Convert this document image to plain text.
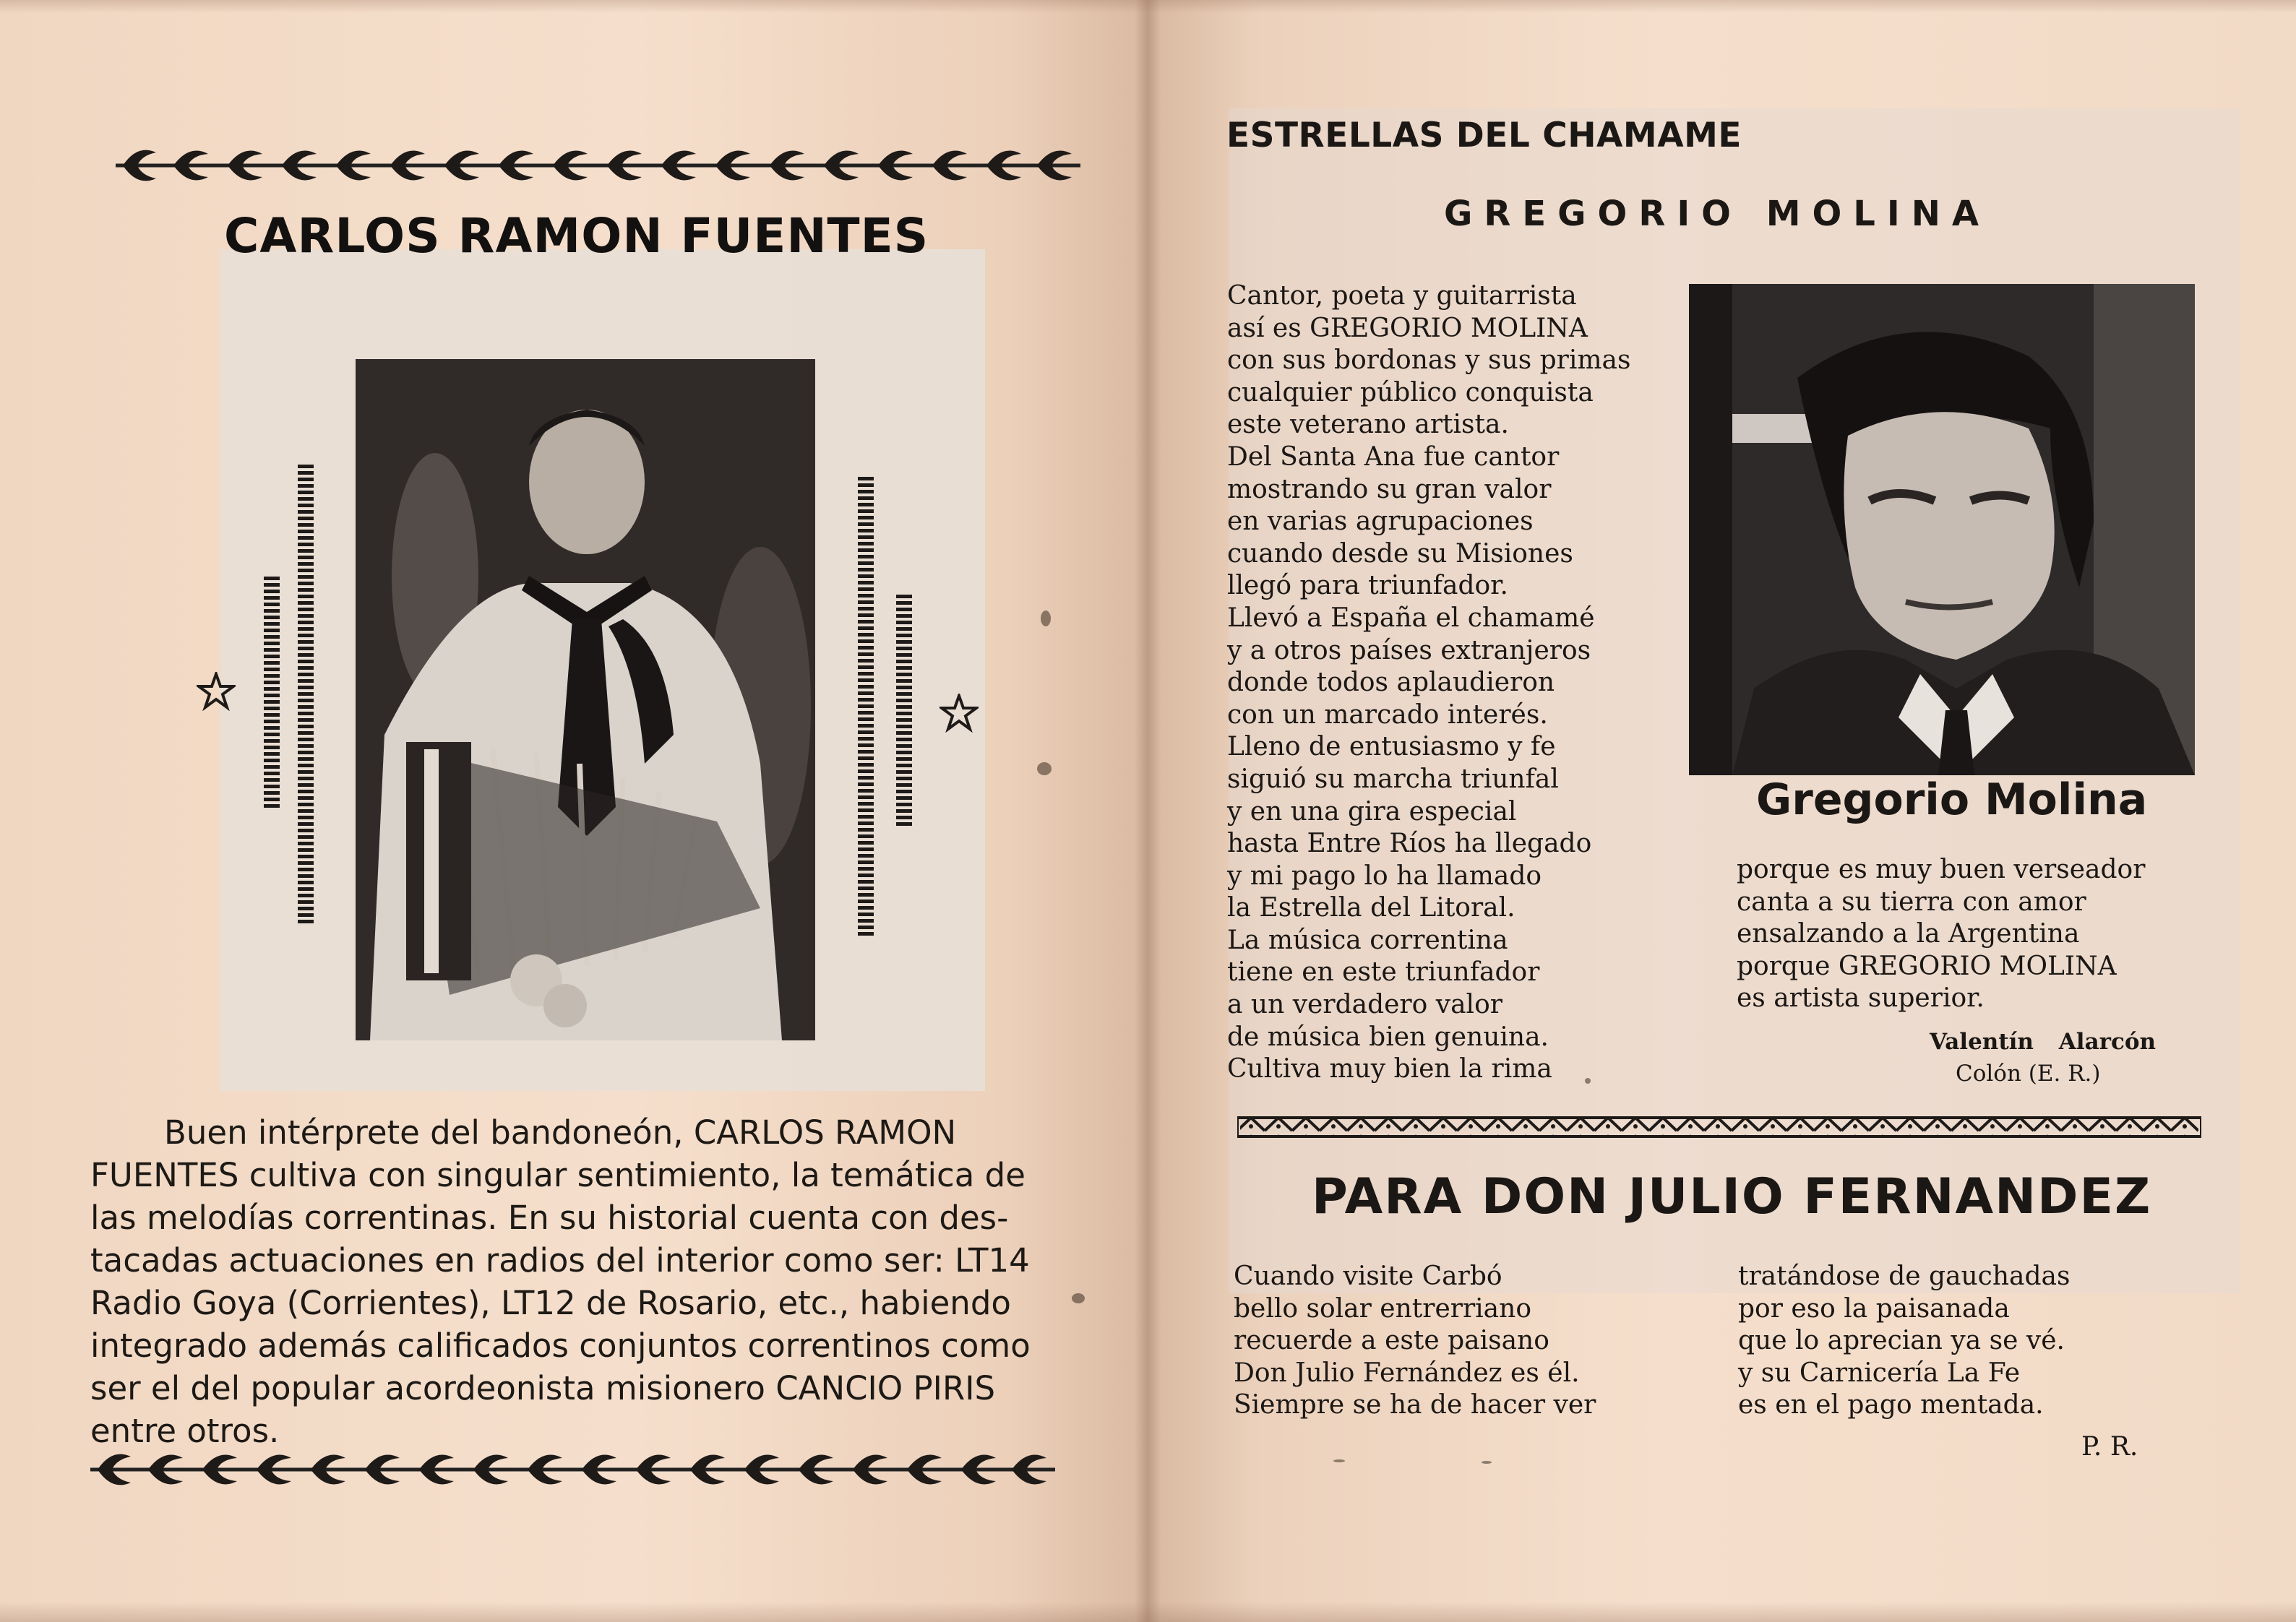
CARLOS RAMON FUENTES
Buen intérprete del bandoneón, CARLOS RAMON
FUENTES cultiva con singular sentimiento, la temática de
las melodías correntinas. En su historial cuenta con des-
tacadas actuaciones en radios del interior como ser: LT14
Radio Goya (Corrientes), LT12 de Rosario, etc., habiendo
integrado además calificados conjuntos correntinos como
ser el del popular acordeonista misionero CANCIO PIRIS
entre otros.
ESTRELLAS DEL CHAMAME
GREGORIO MOLINA
Cantor, poeta y guitarrista
así es GREGORIO MOLINA
con sus bordonas y sus primas
cualquier público conquista
este veterano artista.
Del Santa Ana fue cantor
mostrando su gran valor
en varias agrupaciones
cuando desde su Misiones
llegó para triunfador.
Llevó a España el chamamé
y a otros países extranjeros
donde todos aplaudieron
con un marcado interés.
Lleno de entusiasmo y fe
siguió su marcha triunfal
y en una gira especial
hasta Entre Ríos ha llegado
y mi pago lo ha llamado
la Estrella del Litoral.
La música correntina
tiene en este triunfador
a un verdadero valor
de música bien genuina.
Cultiva muy bien la rima
Gregorio Molina
porque es muy buen verseador
canta a su tierra con amor
ensalzando a la Argentina
porque GREGORIO MOLINA
es artista superior.
Valentín Alarcón
Colón (E. R.)
PARA DON JULIO FERNANDEZ
Cuando visite Carbó
bello solar entrerriano
recuerde a este paisano
Don Julio Fernández es él.
Siempre se ha de hacer ver
tratándose de gauchadas
por eso la paisanada
que lo aprecian ya se vé.
y su Carnicería La Fe
es en el pago mentada.
P. R.
